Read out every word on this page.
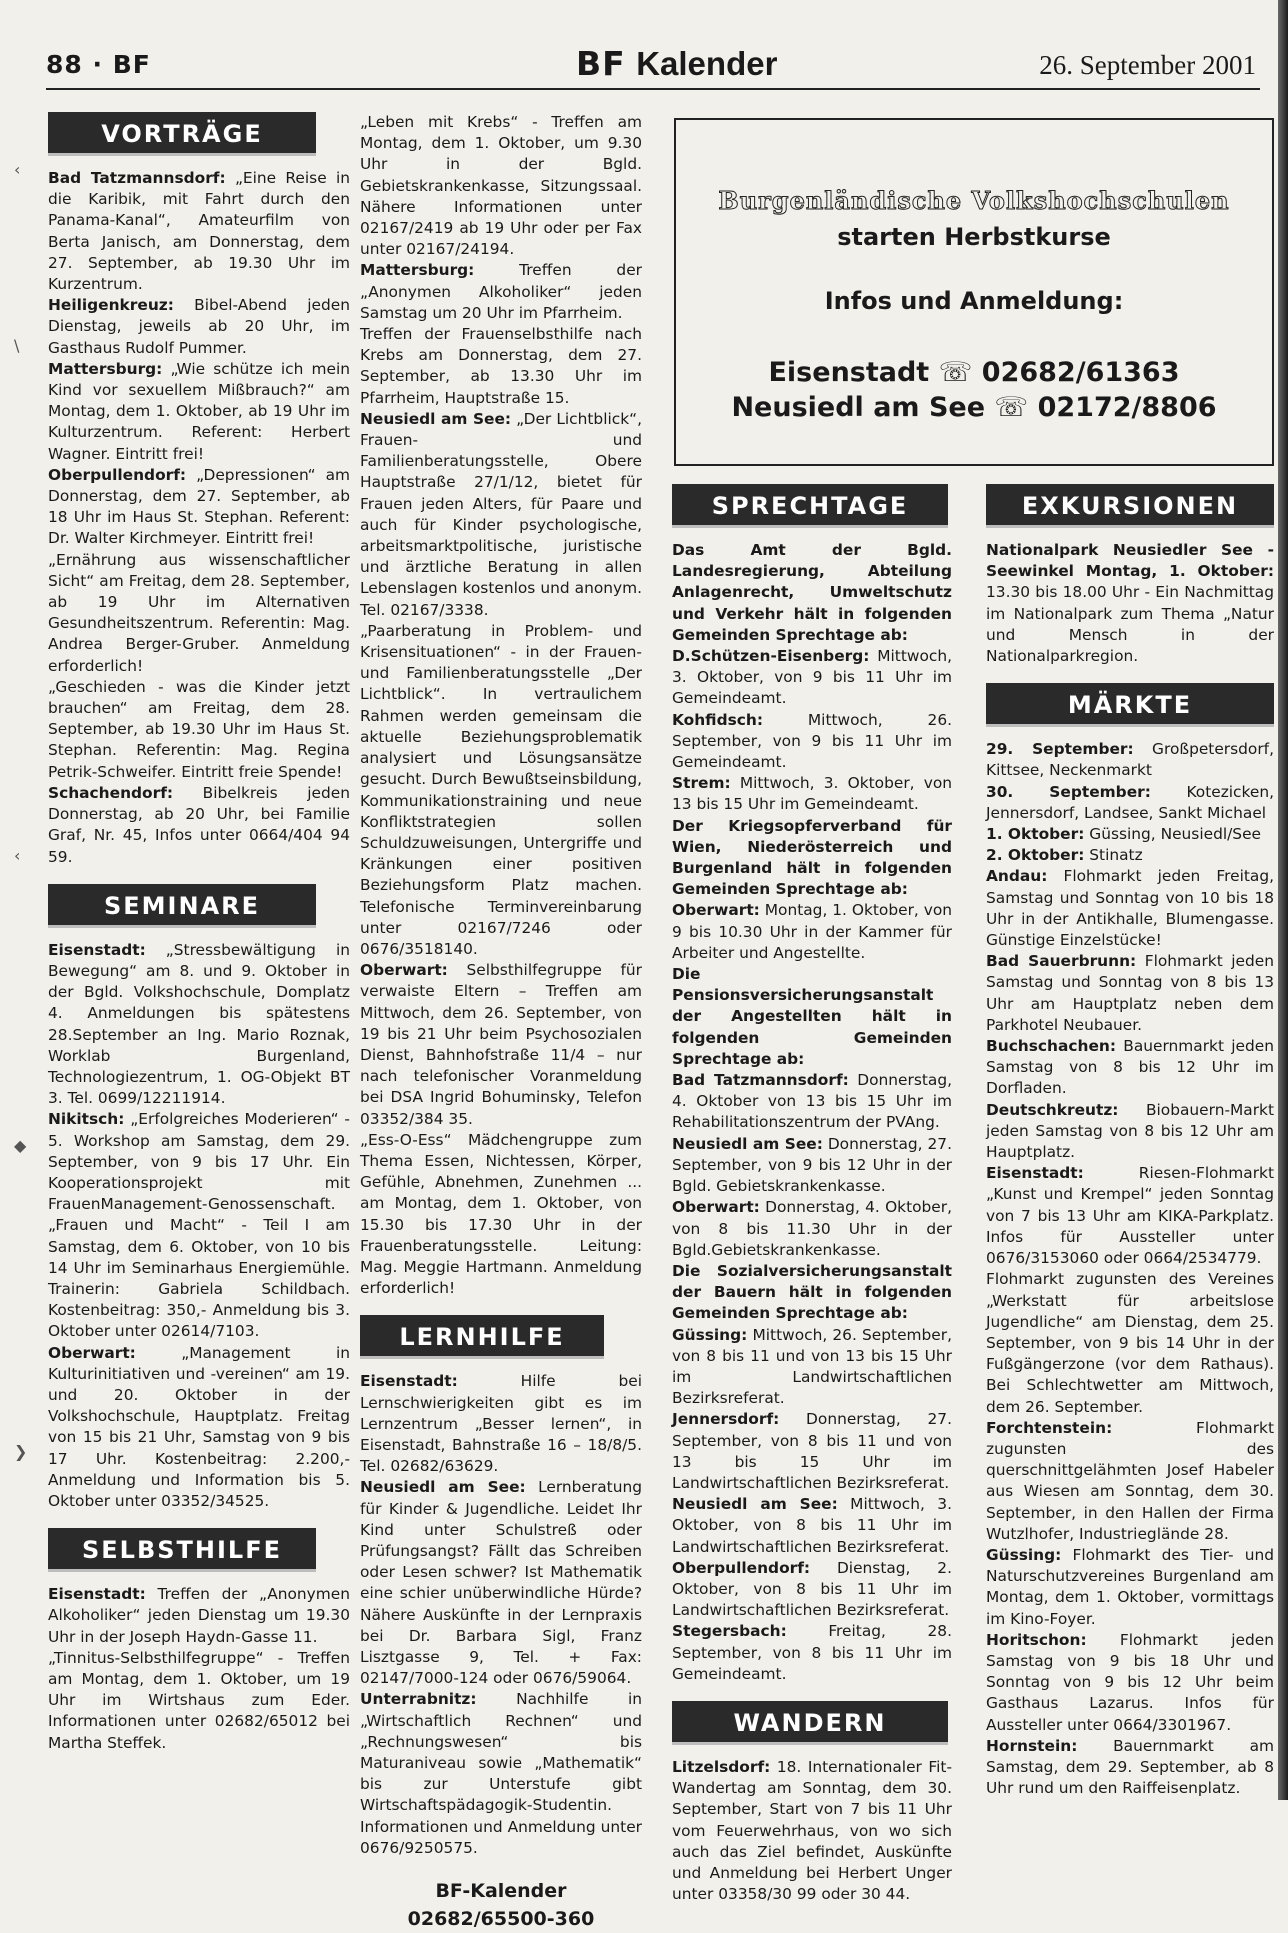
88 · BF	BF Kalender	26. September 2001
VORTRÄGE
Bad Tatzmannsdorf: „Eine Reise in die Karibik, mit Fahrt durch den Panama-Kanal“, Amateurfilm von Berta Janisch, am Donnerstag, dem 27. September, ab 19.30 Uhr im Kurzentrum.
Heiligenkreuz: Bibel-Abend jeden Dienstag, jeweils ab 20 Uhr, im Gasthaus Rudolf Pummer.
Mattersburg: „Wie schütze ich mein Kind vor sexuellem Mißbrauch?“ am Montag, dem 1. Oktober, ab 19 Uhr im Kulturzentrum. Referent: Herbert Wagner. Eintritt frei!
Oberpullendorf: „Depressionen“ am Donnerstag, dem 27. September, ab 18 Uhr im Haus St. Stephan. Referent: Dr. Walter Kirchmeyer. Eintritt frei!
„Ernährung aus wissenschaftlicher Sicht“ am Freitag, dem 28. September, ab 19 Uhr im Alternativen Gesundheitszentrum. Referentin: Mag. Andrea Berger-Gruber. Anmeldung erforderlich!
„Geschieden - was die Kinder jetzt brauchen“ am Freitag, dem 28. September, ab 19.30 Uhr im Haus St. Stephan. Referentin: Mag. Regina Petrik-Schweifer. Eintritt freie Spende!
Schachendorf: Bibelkreis jeden Donnerstag, ab 20 Uhr, bei Familie Graf, Nr. 45, Infos unter 0664/404 94 59.
SEMINARE
Eisenstadt: „Stressbewältigung in Bewegung“ am 8. und 9. Oktober in der Bgld. Volkshochschule, Domplatz 4. Anmeldungen bis spätestens 28.September an Ing. Mario Roznak, Worklab Burgenland, Technologiezentrum, 1. OG-Objekt BT 3. Tel. 0699/12211914.
Nikitsch: „Erfolgreiches Moderieren“ - 5. Workshop am Samstag, dem 29. September, von 9 bis 17 Uhr. Ein Kooperationsprojekt mit FrauenManagement-Genossenschaft.
„Frauen und Macht“ - Teil I am Samstag, dem 6. Oktober, von 10 bis 14 Uhr im Seminarhaus Energiemühle. Trainerin: Gabriela Schildbach. Kostenbeitrag: 350,- Anmeldung bis 3. Oktober unter 02614/7103.
Oberwart: „Management in Kulturinitiativen und -vereinen“ am 19. und 20. Oktober in der Volkshochschule, Hauptplatz. Freitag von 15 bis 21 Uhr, Samstag von 9 bis 17 Uhr. Kostenbeitrag: 2.200,- Anmeldung und Information bis 5. Oktober unter 03352/34525.
SELBSTHILFE
Eisenstadt: Treffen der „Anonymen Alkoholiker“ jeden Dienstag um 19.30 Uhr in der Joseph Haydn-Gasse 11.
„Tinnitus-Selbsthilfegruppe“ - Treffen am Montag, dem 1. Oktober, um 19 Uhr im Wirtshaus zum Eder. Informationen unter 02682/65012 bei Martha Steffek.
„Leben mit Krebs“ - Treffen am Montag, dem 1. Oktober, um 9.30 Uhr in der Bgld. Gebietskrankenkasse, Sitzungssaal. Nähere Informationen unter 02167/2419 ab 19 Uhr oder per Fax unter 02167/24194.
Mattersburg: Treffen der „Anonymen Alkoholiker“ jeden Samstag um 20 Uhr im Pfarrheim.
Treffen der Frauenselbsthilfe nach Krebs am Donnerstag, dem 27. September, ab 13.30 Uhr im Pfarrheim, Hauptstraße 15.
Neusiedl am See: „Der Lichtblick“, Frauen- und Familienberatungsstelle, Obere Hauptstraße 27/1/12, bietet für Frauen jeden Alters, für Paare und auch für Kinder psychologische, arbeitsmarktpolitische, juristische und ärztliche Beratung in allen Lebenslagen kostenlos und anonym. Tel. 02167/3338.
„Paarberatung in Problem- und Krisensituationen“ - in der Frauen- und Familienberatungsstelle „Der Lichtblick“. In vertraulichem Rahmen werden gemeinsam die aktuelle Beziehungsproblematik analysiert und Lösungsansätze gesucht. Durch Bewußtseinsbildung, Kommunikationstraining und neue Konfliktstrategien sollen Schuldzuweisungen, Untergriffe und Kränkungen einer positiven Beziehungsform Platz machen. Telefonische Terminvereinbarung unter 02167/7246 oder 0676/3518140.
Oberwart: Selbsthilfegruppe für verwaiste Eltern – Treffen am Mittwoch, dem 26. September, von 19 bis 21 Uhr beim Psychosozialen Dienst, Bahnhofstraße 11/4 – nur nach telefonischer Voranmeldung bei DSA Ingrid Bohuminsky, Telefon 03352/384 35.
„Ess-O-Ess“ Mädchengruppe zum Thema Essen, Nichtessen, Körper, Gefühle, Abnehmen, Zunehmen ... am Montag, dem 1. Oktober, von 15.30 bis 17.30 Uhr in der Frauenberatungsstelle. Leitung: Mag. Meggie Hartmann. Anmeldung erforderlich!
LERNHILFE
Eisenstadt: Hilfe bei Lernschwierigkeiten gibt es im Lernzentrum „Besser lernen“, in Eisenstadt, Bahnstraße 16 – 18/8/5. Tel. 02682/63629.
Neusiedl am See: Lernberatung für Kinder & Jugendliche. Leidet Ihr Kind unter Schulstreß oder Prüfungsangst? Fällt das Schreiben oder Lesen schwer? Ist Mathematik eine schier unüberwindliche Hürde? Nähere Auskünfte in der Lernpraxis bei Dr. Barbara Sigl, Franz Lisztgasse 9, Tel. + Fax: 02147/7000-124 oder 0676/59064.
Unterrabnitz: Nachhilfe in „Wirtschaftlich Rechnen“ und „Rechnungswesen“ bis Maturaniveau sowie „Mathematik“ bis zur Unterstufe gibt Wirtschaftspädagogik-Studentin. Informationen und Anmeldung unter 0676/9250575.
BF-Kalender
02682/65500-360
Burgenländische Volkshochschulen
starten Herbstkurse
Infos und Anmeldung:
Eisenstadt ☏ 02682/61363
Neusiedl am See ☏ 02172/8806
SPRECHTAGE
Das Amt der Bgld. Landesregierung, Abteilung Anlagenrecht, Umweltschutz und Verkehr hält in folgenden Gemeinden Sprechtage ab:
D.Schützen-Eisenberg: Mittwoch, 3. Oktober, von 9 bis 11 Uhr im Gemeindeamt.
Kohfidsch: Mittwoch, 26. September, von 9 bis 11 Uhr im Gemeindeamt.
Strem: Mittwoch, 3. Oktober, von 13 bis 15 Uhr im Gemeindeamt.
Der Kriegsopferverband für Wien, Niederösterreich und Burgenland hält in folgenden Gemeinden Sprechtage ab:
Oberwart: Montag, 1. Oktober, von 9 bis 10.30 Uhr in der Kammer für Arbeiter und Angestellte.
Die Pensionsversicherungsanstalt der Angestellten hält in folgenden Gemeinden Sprechtage ab:
Bad Tatzmannsdorf: Donnerstag, 4. Oktober von 13 bis 15 Uhr im Rehabilitationszentrum der PVAng.
Neusiedl am See: Donnerstag, 27. September, von 9 bis 12 Uhr in der Bgld. Gebietskrankenkasse.
Oberwart: Donnerstag, 4. Oktober, von 8 bis 11.30 Uhr in der Bgld.Gebietskrankenkasse.
Die Sozialversicherungsanstalt der Bauern hält in folgenden Gemeinden Sprechtage ab:
Güssing: Mittwoch, 26. September, von 8 bis 11 und von 13 bis 15 Uhr im Landwirtschaftlichen Bezirksreferat.
Jennersdorf: Donnerstag, 27. September, von 8 bis 11 und von 13 bis 15 Uhr im Landwirtschaftlichen Bezirksreferat.
Neusiedl am See: Mittwoch, 3. Oktober, von 8 bis 11 Uhr im Landwirtschaftlichen Bezirksreferat.
Oberpullendorf: Dienstag, 2. Oktober, von 8 bis 11 Uhr im Landwirtschaftlichen Bezirksreferat.
Stegersbach: Freitag, 28. September, von 8 bis 11 Uhr im Gemeindeamt.
WANDERN
Litzelsdorf: 18. Internationaler Fit-Wandertag am Sonntag, dem 30. September, Start von 7 bis 11 Uhr vom Feuerwehrhaus, von wo sich auch das Ziel befindet, Auskünfte und Anmeldung bei Herbert Unger unter 03358/30 99 oder 30 44.
EXKURSIONEN
Nationalpark Neusiedler See - Seewinkel Montag, 1. Oktober: 13.30 bis 18.00 Uhr - Ein Nachmittag im Nationalpark zum Thema „Natur und Mensch in der Nationalparkregion.
MÄRKTE
29. September: Großpetersdorf, Kittsee, Neckenmarkt
30. September: Kotezicken, Jennersdorf, Landsee, Sankt Michael
1. Oktober: Güssing, Neusiedl/See
2. Oktober: Stinatz
Andau: Flohmarkt jeden Freitag, Samstag und Sonntag von 10 bis 18 Uhr in der Antikhalle, Blumengasse. Günstige Einzelstücke!
Bad Sauerbrunn: Flohmarkt jeden Samstag und Sonntag von 8 bis 13 Uhr am Hauptplatz neben dem Parkhotel Neubauer.
Buchschachen: Bauernmarkt jeden Samstag von 8 bis 12 Uhr im Dorfladen.
Deutschkreutz: Biobauern-Markt jeden Samstag von 8 bis 12 Uhr am Hauptplatz.
Eisenstadt: Riesen-Flohmarkt „Kunst und Krempel“ jeden Sonntag von 7 bis 13 Uhr am KIKA-Parkplatz. Infos für Aussteller unter 0676/3153060 oder 0664/2534779.
Flohmarkt zugunsten des Vereines „Werkstatt für arbeitslose Jugendliche“ am Dienstag, dem 25. September, von 9 bis 14 Uhr in der Fußgängerzone (vor dem Rathaus). Bei Schlechtwetter am Mittwoch, dem 26. September.
Forchtenstein: Flohmarkt zugunsten des querschnittgelähmten Josef Habeler aus Wiesen am Sonntag, dem 30. September, in den Hallen der Firma Wutzlhofer, Industrieglände 28.
Güssing: Flohmarkt des Tier- und Naturschutzvereines Burgenland am Montag, dem 1. Oktober, vormittags im Kino-Foyer.
Horitschon: Flohmarkt jeden Samstag von 9 bis 18 Uhr und Sonntag von 9 bis 12 Uhr beim Gasthaus Lazarus. Infos für Aussteller unter 0664/3301967.
Hornstein: Bauernmarkt am Samstag, dem 29. September, ab 8 Uhr rund um den Raiffeisenplatz.
‹
\
‹
◆
❯
